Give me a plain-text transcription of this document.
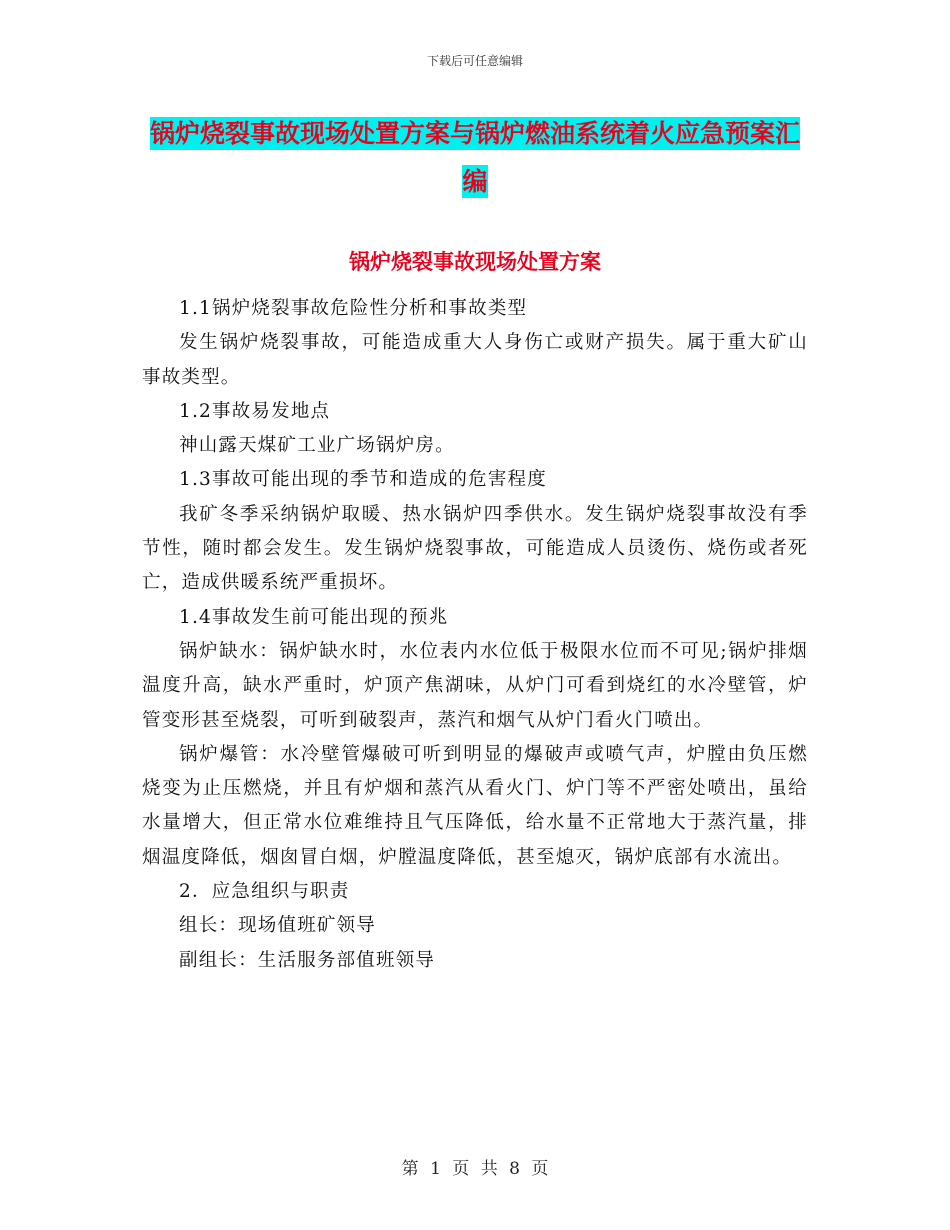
下载后可任意编辑
锅炉烧裂事故现场处置方案与锅炉燃油系统着火应急预案汇编
锅炉烧裂事故现场处置方案

1.1锅炉烧裂事故危险性分析和事故类型

发生锅炉烧裂事故，可能造成重大人身伤亡或财产损失。属于重大矿山事故类型。

1.2事故易发地点

神山露天煤矿工业广场锅炉房。

1.3事故可能出现的季节和造成的危害程度

我矿冬季采纳锅炉取暖、热水锅炉四季供水。发生锅炉烧裂事故没有季节性，随时都会发生。发生锅炉烧裂事故，可能造成人员烫伤、烧伤或者死亡，造成供暖系统严重损坏。

1.4事故发生前可能出现的预兆

锅炉缺水：锅炉缺水时，水位表内水位低于极限水位而不可见;锅炉排烟温度升高，缺水严重时，炉顶产焦湖味，从炉门可看到烧红的水冷壁管，炉管变形甚至烧裂，可听到破裂声，蒸汽和烟气从炉门看火门喷出。

锅炉爆管：水冷壁管爆破可听到明显的爆破声或喷气声，炉膛由负压燃烧变为止压燃烧，并且有炉烟和蒸汽从看火门、炉门等不严密处喷出，虽给水量增大，但正常水位难维持且气压降低，给水量不正常地大于蒸汽量，排烟温度降低，烟囱冒白烟，炉膛温度降低，甚至熄灭，锅炉底部有水流出。

2．应急组织与职责

组长：现场值班矿领导

副组长：生活服务部值班领导

第 1 页 共 8 页
